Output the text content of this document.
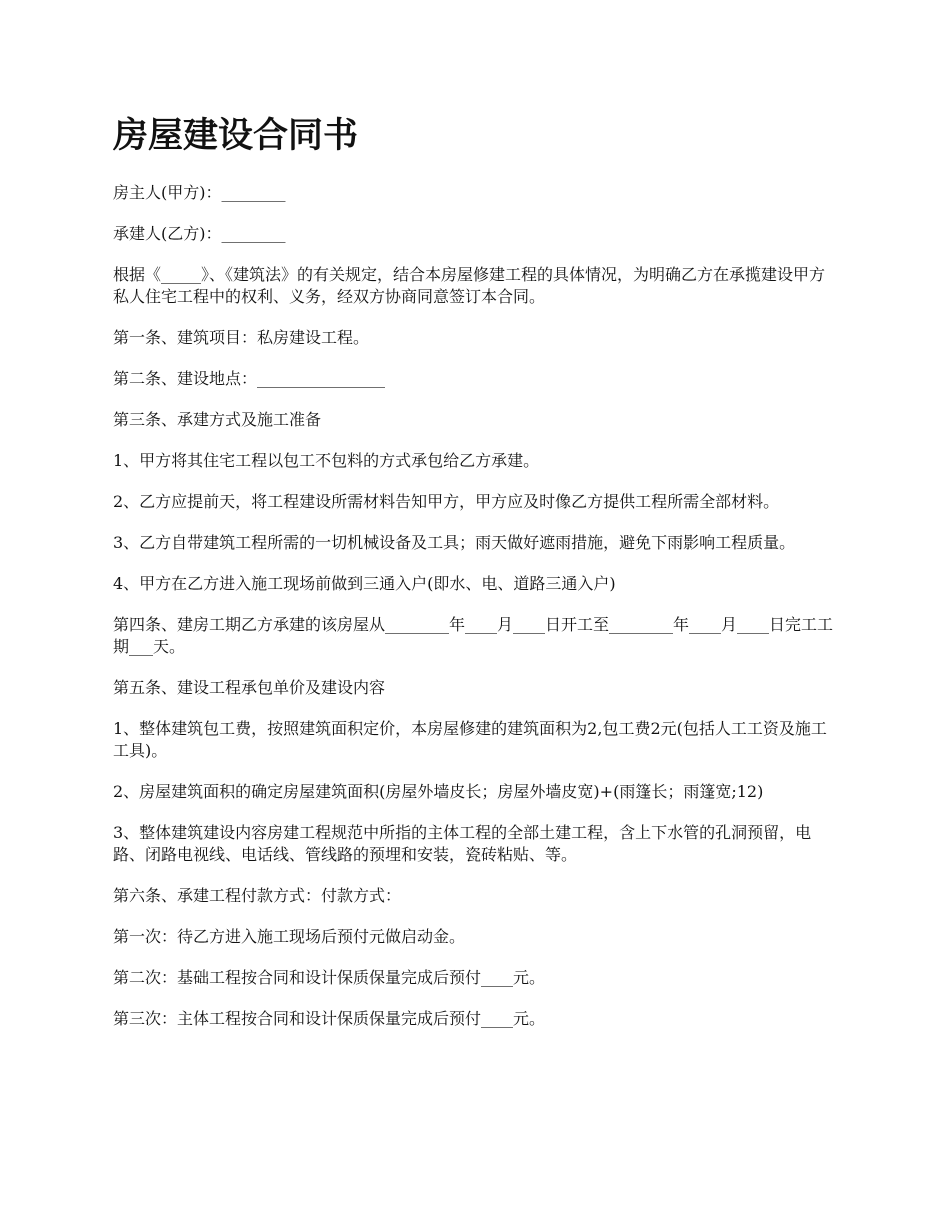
房屋建设合同书

房主人(甲方)：________

承建人(乙方)：________

根据《_____》、《建筑法》的有关规定，结合本房屋修建工程的具体情况，为明确乙方在承揽建设甲方私人住宅工程中的权利、义务，经双方协商同意签订本合同。

第一条、建筑项目：私房建设工程。

第二条、建设地点：________________

第三条、承建方式及施工准备

1、甲方将其住宅工程以包工不包料的方式承包给乙方承建。

2、乙方应提前天，将工程建设所需材料告知甲方，甲方应及时像乙方提供工程所需全部材料。

3、乙方自带建筑工程所需的一切机械设备及工具；雨天做好遮雨措施，避免下雨影响工程质量。

4、甲方在乙方进入施工现场前做到三通入户(即水、电、道路三通入户)

第四条、建房工期乙方承建的该房屋从________年____月____日开工至________年____月____日完工工期___天。

第五条、建设工程承包单价及建设内容

1、整体建筑包工费，按照建筑面积定价，本房屋修建的建筑面积为2,包工费2元(包括人工工资及施工工具)。

2、房屋建筑面积的确定房屋建筑面积(房屋外墙皮长；房屋外墙皮宽)+(雨篷长；雨篷宽;12)

3、整体建筑建设内容房建工程规范中所指的主体工程的全部土建工程，含上下水管的孔洞预留，电路、闭路电视线、电话线、管线路的预埋和安装，瓷砖粘贴、等。

第六条、承建工程付款方式：付款方式：

第一次：待乙方进入施工现场后预付元做启动金。

第二次：基础工程按合同和设计保质保量完成后预付____元。

第三次：主体工程按合同和设计保质保量完成后预付____元。
